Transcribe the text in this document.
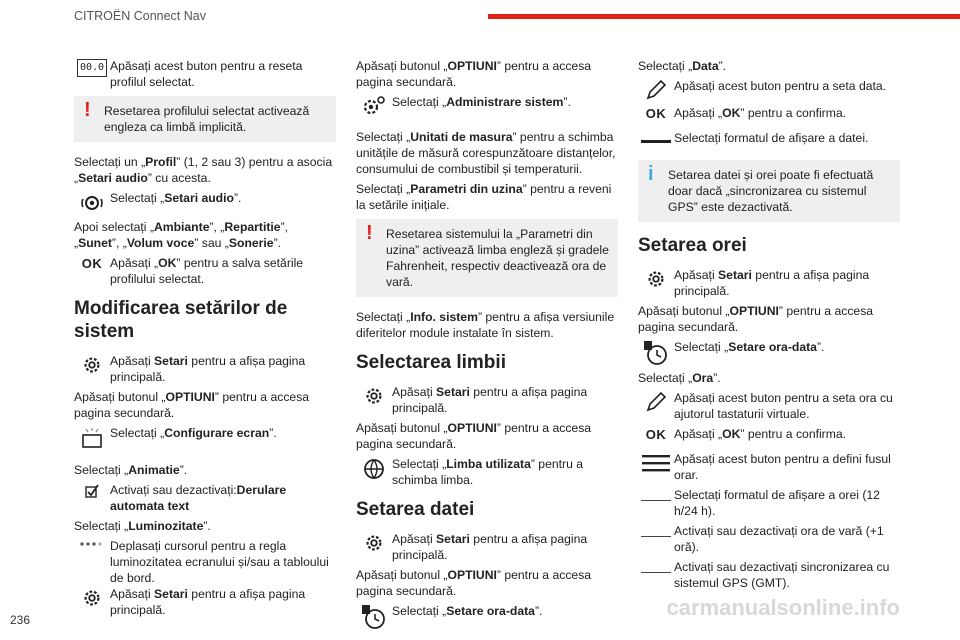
CITROËN Connect Nav
00.0 Apăsați acest buton pentru a reseta profilul selectat.
! Resetarea profilului selectat activează engleza ca limbă implicită.

Selectați un „Profil” (1, 2 sau 3) pentru a asocia „Setari audio” cu acesta.

Selectați „Setari audio”.

Apoi selectați „Ambiante”, „Repartitie”, „Sunet”, „Volum voce” sau „Sonerie”.

OK Apăsați „OK” pentru a salva setările profilului selectat.
Modificarea setărilor de sistem
Apăsați Setari pentru a afișa pagina principală.

Apăsați butonul „OPTIUNI” pentru a accesa pagina secundară.

Selectați „Configurare ecran”.

Selectați „Animatie”.

Activați sau dezactivați:Derulare automata text

Selectați „Luminozitate”.

Deplasați cursorul pentru a regla luminozitatea ecranului și/sau a tabloului de bord.
Apăsați Setari pentru a afișa pagina principală.

Apăsați butonul „OPTIUNI” pentru a accesa pagina secundară.

Selectați „Administrare sistem”.

Selectați „Unitati de masura” pentru a schimba unitățile de măsură corespunzătoare distanțelor, consumului de combustibil și temperaturii.

Selectați „Parametri din uzina” pentru a reveni la setările inițiale.

! Resetarea sistemului la „Parametri din uzina” activează limba engleză și gradele Fahrenheit, respectiv deactivează ora de vară.

Selectați „Info. sistem” pentru a afișa versiunile diferitelor module instalate în sistem.

Selectarea limbii
Apăsați Setari pentru a afișa pagina principală.

Apăsați butonul „OPTIUNI” pentru a accesa pagina secundară.

Selectați „Limba utilizata” pentru a schimba limba.
Setarea datei
Apăsați Setari pentru a afișa pagina principală.

Apăsați butonul „OPTIUNI” pentru a accesa pagina secundară.

Selectați „Setare ora-data”.

Selectați „Data”.

Apăsați acest buton pentru a seta data.
OK Apăsați „OK” pentru a confirma.
Selectați formatul de afișare a datei.
i Setarea datei și orei poate fi efectuată doar dacă „sincronizarea cu sistemul GPS” este dezactivată.
Setarea orei
Apăsați Setari pentru a afișa pagina principală.

Apăsați butonul „OPTIUNI” pentru a accesa pagina secundară.

Selectați „Setare ora-data”.

Selectați „Ora”.

Apăsați acest buton pentru a seta ora cu ajutorul tastaturii virtuale.
OK Apăsați „OK” pentru a confirma.
Apăsați acest buton pentru a defini fusul orar.
Selectați formatul de afișare a orei (12 h/24 h).
Activați sau dezactivați ora de vară (+1 oră).
Activați sau dezactivați sincronizarea cu sistemul GPS (GMT).
236	carmanualsonline.info
